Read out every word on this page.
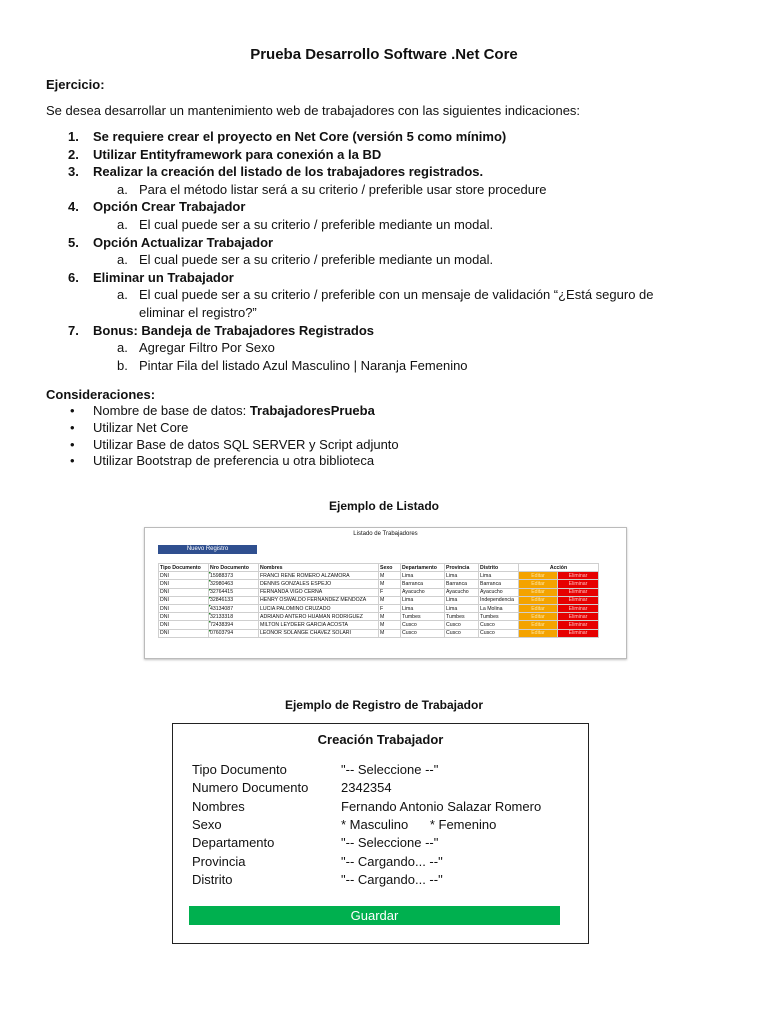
Prueba Desarrollo Software .Net Core
Ejercicio:
Se desea desarrollar un mantenimiento web de trabajadores con las siguientes indicaciones:
1. Se requiere crear el proyecto en Net Core (versión 5 como mínimo)
2. Utilizar Entityframework para conexión a la BD
3. Realizar la creación del listado de los trabajadores registrados.
a. Para el método listar será a su criterio / preferible usar store procedure
4. Opción Crear Trabajador
a. El cual puede ser a su criterio / preferible mediante un modal.
5. Opción Actualizar Trabajador
a. El cual puede ser a su criterio / preferible mediante un modal.
6. Eliminar un Trabajador
a. El cual puede ser a su criterio / preferible con un mensaje de validación “¿Está seguro de eliminar el registro?”
7. Bonus: Bandeja de Trabajadores Registrados
a. Agregar Filtro Por Sexo
b. Pintar Fila del listado Azul Masculino | Naranja Femenino
Consideraciones:
• Nombre de base de datos: TrabajadoresPrueba
• Utilizar Net Core
• Utilizar Base de datos SQL SERVER y Script adjunto
• Utilizar Bootstrap de preferencia u otra biblioteca
Ejemplo de Listado
Listado de Trabajadores
Nuevo Registro
Tipo Documento	Nro Documento	Nombres	Sexo	Departamento	Provincia	Distrito	Acción	
DNI	15988373	FRANCI RENE ROMERO ALZAMORA	M	Lima	Lima	Lima	Editar	Eliminar
DNI	32980463	DENNIS GONZALES ESPEJO	M	Barranca	Barranca	Barranca	Editar	Eliminar
DNI	32764415	FERNANDA VIGO CERNA	F	Ayacucho	Ayacucho	Ayacucho	Editar	Eliminar
DNI	32846133	HENRY OSWALDO FERNANDEZ MENDOZA	M	Lima	Lima	Independencia	Editar	Eliminar
DNI	43134087	LUCIA PALOMINO CRUZADO	F	Lima	Lima	La Molina	Editar	Eliminar
DNI	32133318	ADRIANO ANTERO HUAMAN RODRIGUEZ	M	Tumbes	Tumbes	Tumbes	Editar	Eliminar
DNI	72438394	MILTON LEYDEER GARCIA ACOSTA	M	Cusco	Cusco	Cusco	Editar	Eliminar
DNI	07603794	LEONOR SOLANGE CHAVEZ SOLARI	M	Cusco	Cusco	Cusco	Editar	Eliminar
Ejemplo de Registro de Trabajador
Creación Trabajador
Tipo Documento	"-- Seleccione --"
Numero Documento	2342354
Nombres	Fernando Antonio Salazar Romero
Sexo	* Masculino * Femenino
Departamento	"-- Seleccione --"
Provincia	"-- Cargando... --"
Distrito	"-- Cargando... --"
Guardar
